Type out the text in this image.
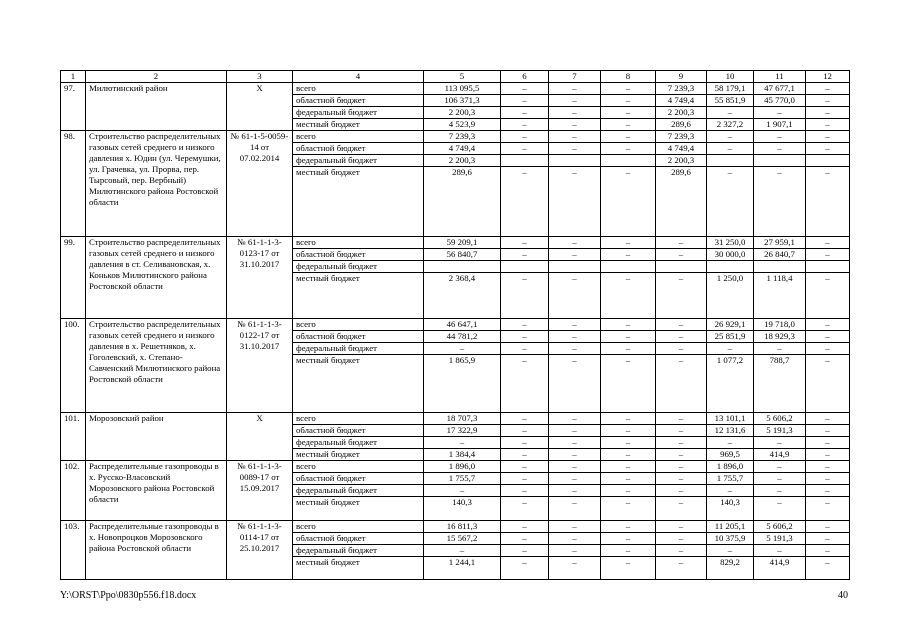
1	2	3	4	5	6	7	8	9	10	11	12
97.	Милютинский район	Х	всего	113 095,5	–	–	–	7 239,3	58 179,1	47 677,1	–
			областной бюджет	106 371,3	–	–	–	4 749,4	55 851,9	45 770,0	–
			федеральный бюджет	2 200,3	–	–	–	2 200,3	–	–	–
			местный бюджет	4 523,9	–	–	–	289,6	2 327,2	1 907,1	–
98.	Строительство распределительных газовых сетей среднего и низкого давления х. Юдин (ул. Черемушки, ул. Грачевка, ул. Прорва, пер. Тырсовый, пер. Вербный) Милютинского района Ростовской области	№ 61-1-5-0059-14 от 07.02.2014	всего	7 239,3	–	–	–	7 239,3	–	–	–
			областной бюджет	4 749,4	–	–	–	4 749,4	–	–	–
			федеральный бюджет	2 200,3				2 200,3			
			местный бюджет	289,6	–	–	–	289,6	–	–	–
99.	Строительство распределительных газовых сетей среднего и низкого давления в ст. Селивановская, х. Коньков Милютинского района Ростовской области	№ 61-1-1-3-0123-17 от 31.10.2017	всего	59 209,1	–	–	–	–	31 250,0	27 959,1	–
			областной бюджет	56 840,7	–	–	–	–	30 000,0	26 840,7	–
			федеральный бюджет								
			местный бюджет	2 368,4	–	–	–	–	1 250,0	1 118,4	–
100.	Строительство распределительных газовых сетей среднего и низкого давления в х. Решетняков, х. Гоголевский, х. Степано-Савченский Милютинского района Ростовской области	№ 61-1-1-3-0122-17 от 31.10.2017	всего	46 647,1	–	–	–	–	26 929,1	19 718,0	–
			областной бюджет	44 781,2	–	–	–	–	25 851,9	18 929,3	–
			федеральный бюджет	–	–	–	–	–	–	–	–
			местный бюджет	1 865,9	–	–	–	–	1 077,2	788,7	–
101.	Морозовский район	Х	всего	18 707,3	–	–	–	–	13 101,1	5 606,2	–
			областной бюджет	17 322,9	–	–	–	–	12 131,6	5 191,3	–
			федеральный бюджет	–	–	–	–	–	–	–	–
			местный бюджет	1 384,4	–	–	–	–	969,5	414,9	–
102.	Распределительные газопроводы в х. Русско-Власовский Морозовского района Ростовской области	№ 61-1-1-3-0089-17 от 15.09.2017	всего	1 896,0	–	–	–	–	1 896,0	–	–
			областной бюджет	1 755,7	–	–	–	–	1 755,7	–	–
			федеральный бюджет	–	–	–	–	–	–	–	–
			местный бюджет	140,3	–	–	–	–	140,3	–	–
103.	Распределительные газопроводы в х. Новопроцков Морозовского района Ростовской области	№ 61-1-1-3-0114-17 от 25.10.2017	всего	16 811,3	–	–	–	–	11 205,1	5 606,2	–
			областной бюджет	15 567,2	–	–	–	–	10 375,9	5 191,3	–
			федеральный бюджет	–	–	–	–	–	–	–	–
			местный бюджет	1 244,1	–	–	–	–	829,2	414,9	–
Y:\ORST\Ppo\0830p556.f18.docx	40
